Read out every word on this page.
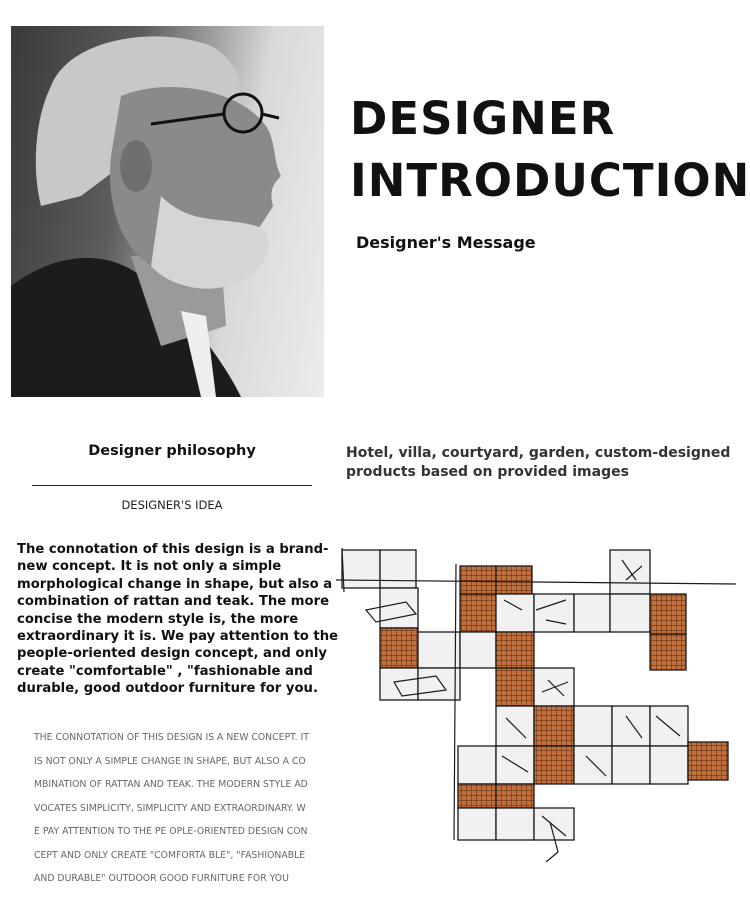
DESIGNER
INTRODUCTION
Designer's Message
Designer philosophy
DESIGNER'S IDEA
Hotel, villa, courtyard, garden, custom-designed products based on provided images
The connotation of this design is a brand-new concept. It is not only a simple morphological change in shape, but also a combination of rattan and teak. The more concise the modern style is, the more extraordinary it is. We pay attention to the people-oriented design concept, and only create "comfortable" , "fashionable and durable, good outdoor furniture for you.
THE CONNOTATION OF THIS DESIGN IS A NEW CONCEPT. IT IS NOT ONLY A SIMPLE CHANGE IN SHAPE, BUT ALSO A COMBINATION OF RATTAN AND TEAK. THE MODERN STYLE ADVOCATES SIMPLICITY, SIMPLICITY AND EXTRAORDINARY. WE PAY ATTENTION TO THE PE OPLE-ORIENTED DESIGN CONCEPT AND ONLY CREATE "COMFORTA BLE", "FASHIONABLE AND DURABLE" OUTDOOR GOOD FURNITURE FOR YOU
